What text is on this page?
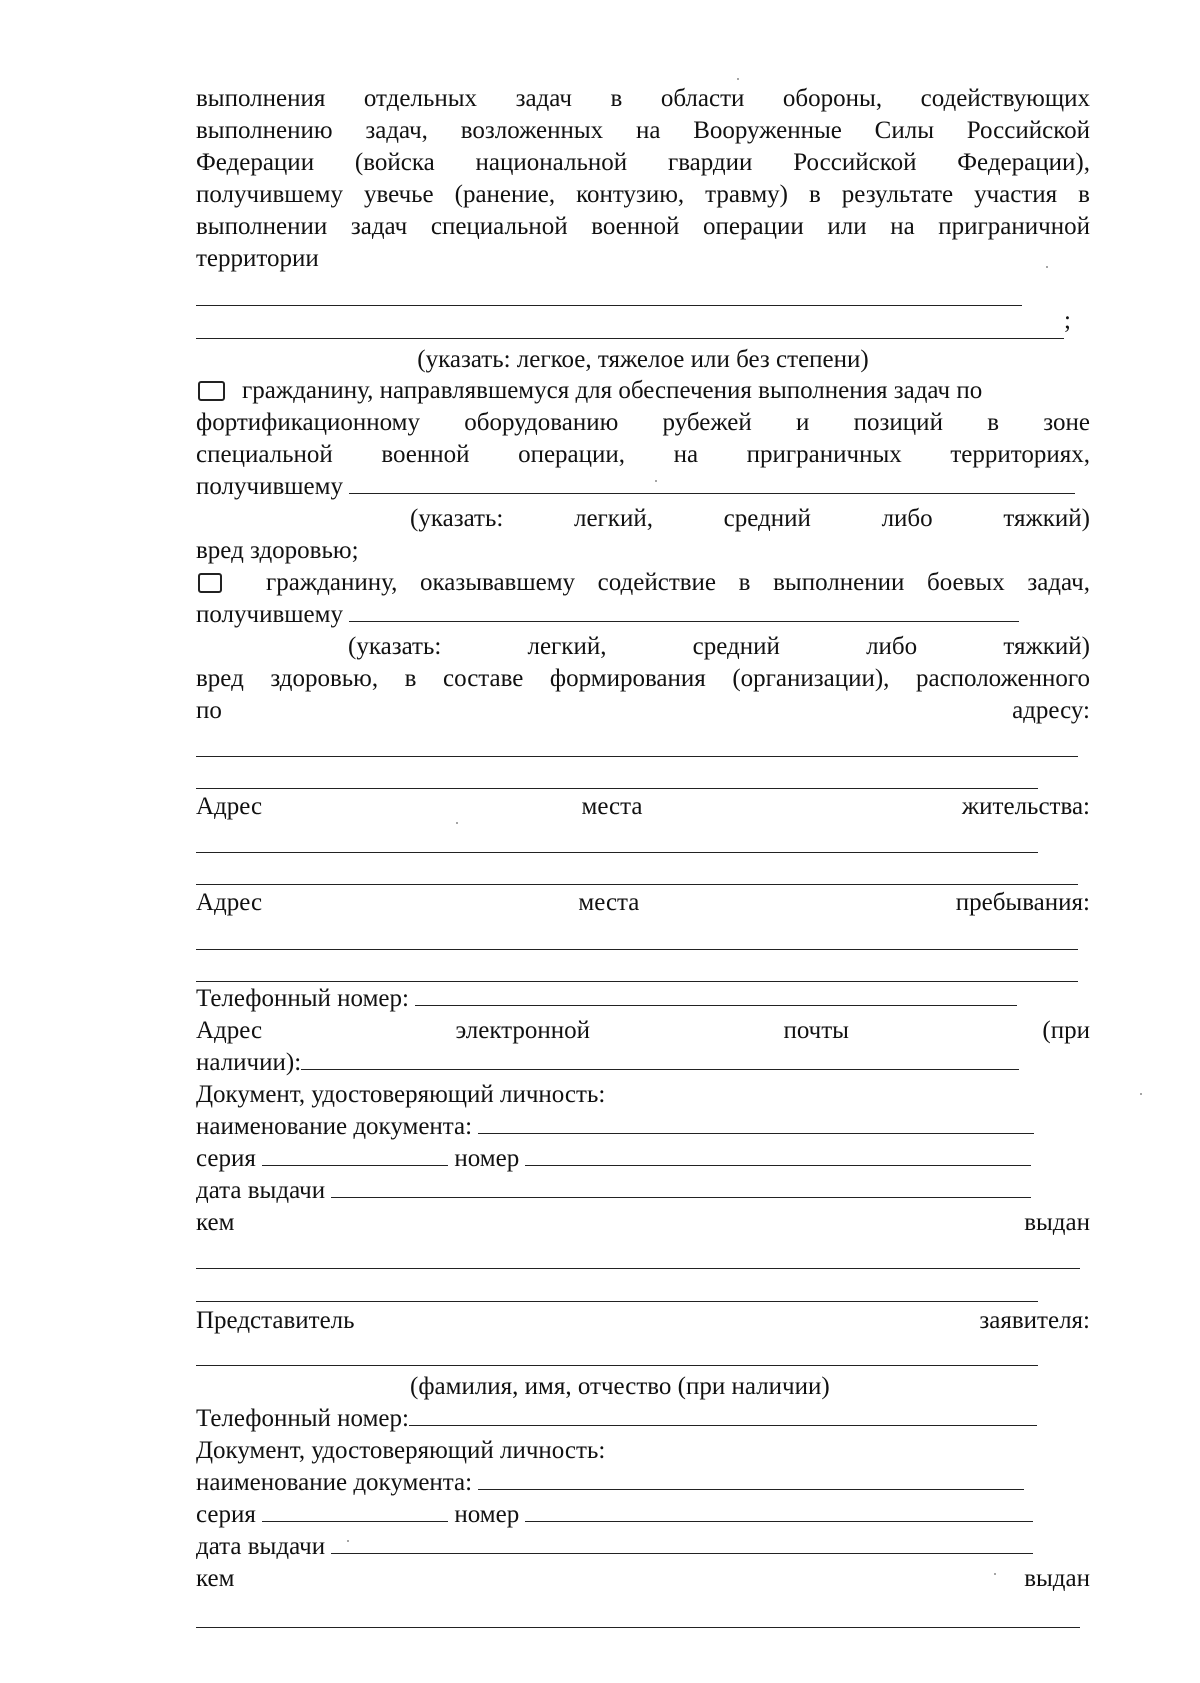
выполнения отдельных задач в области обороны, содействующих
выполнению задач, возложенных на Вооруженные Силы Российской
Федерации (войска национальной гвардии Российской Федерации),
получившему увечье (ранение, контузию, травму) в результате участия в
выполнении задач специальной военной операции или на приграничной
территории
;
(указать: легкое, тяжелое или без степени)
гражданину, направлявшемуся для обеспечения выполнения задач по
фортификационному оборудованию рубежей и позиций в зоне
специальной военной операции, на приграничных территориях,
получившему
(указать:	легкий,	средний	либо	тяжкий)
вред здоровью;
гражданину, оказывавшему содействие в выполнении боевых задач,
получившему
(указать:	легкий,	средний	либо	тяжкий)
вред здоровью, в составе формирования (организации), расположенного
по	адресу:
Адрес	места	жительства:
Адрес	места	пребывания:
Телефонный номер:
Адрес	электронной	почты	(при
наличии):
Документ, удостоверяющий личность:
наименование документа:
серия	номер
дата выдачи
кем	выдан
Представитель	заявителя:
(фамилия, имя, отчество (при наличии)
Телефонный номер:
Документ, удостоверяющий личность:
наименование документа:
серия	номер
дата выдачи
кем	выдан
